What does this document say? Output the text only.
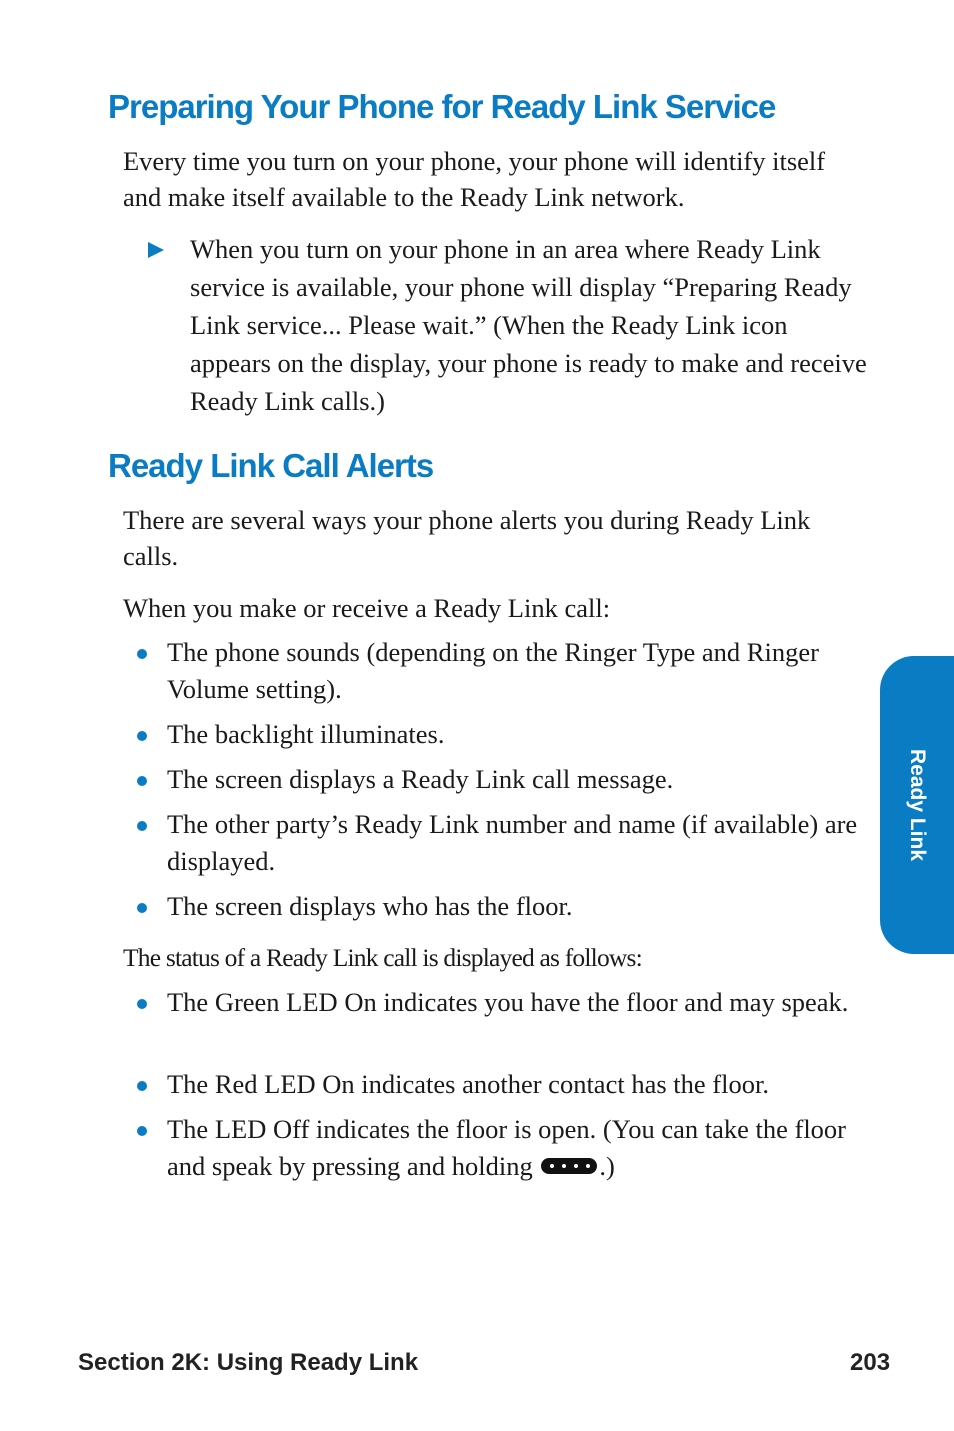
Preparing Your Phone for Ready Link Service

Every time you turn on your phone, your phone will identify itself and make itself available to the Ready Link network.

When you turn on your phone in an area where Ready Link service is available, your phone will display “Preparing Ready Link service... Please wait.” (When the Ready Link icon appears on the display, your phone is ready to make and receive Ready Link calls.)

Ready Link Call Alerts

There are several ways your phone alerts you during Ready Link calls.

When you make or receive a Ready Link call:

The phone sounds (depending on the Ringer Type and Ringer Volume setting).

The backlight illuminates.

The screen displays a Ready Link call message.

The other party’s Ready Link number and name (if available) are displayed.

The screen displays who has the floor.

The status of a Ready Link call is displayed as follows:

The Green LED On indicates you have the floor and may speak.

The Red LED On indicates another contact has the floor.

The LED Off indicates the floor is open. (You can take the floor and speak by pressing and holding	.)

Ready Link

Section 2K: Using Ready Link	203
